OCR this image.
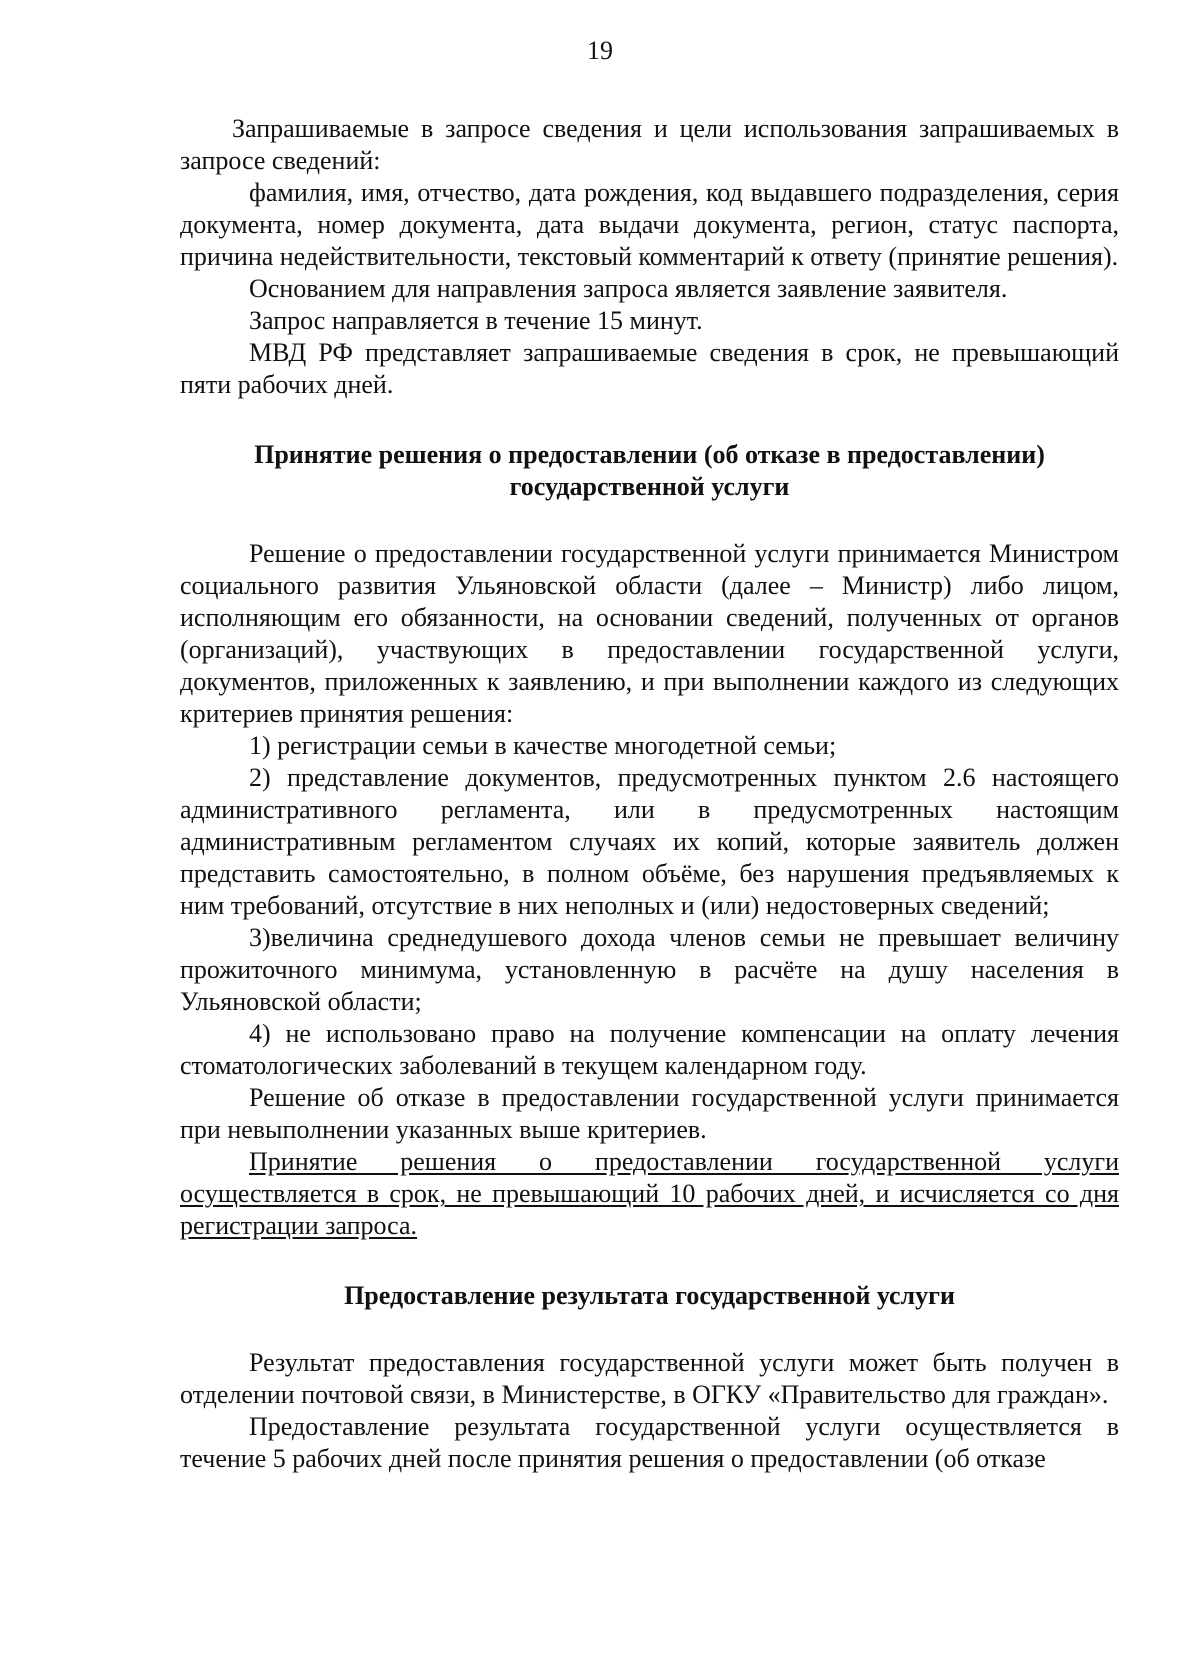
19

Запрашиваемые в запросе сведения и цели использования запрашиваемых в запросе сведений:

фамилия, имя, отчество, дата рождения, код выдавшего подразделения, серия документа, номер документа, дата выдачи документа, регион, статус паспорта, причина недействительности, текстовый комментарий к ответу (принятие решения).

Основанием для направления запроса является заявление заявителя.

Запрос направляется в течение 15 минут.

МВД РФ представляет запрашиваемые сведения в срок, не превышающий пяти рабочих дней.

Принятие решения о предоставлении (об отказе в предоставлении)
государственной услуги

Решение о предоставлении государственной услуги принимается Министром социального развития Ульяновской области (далее – Министр) либо лицом, исполняющим его обязанности, на основании сведений, полученных от органов (организаций), участвующих в предоставлении государственной услуги, документов, приложенных к заявлению, и при выполнении каждого из следующих критериев принятия решения:

1) регистрации семьи в качестве многодетной семьи;

2) представление документов, предусмотренных пунктом 2.6 настоящего административного регламента, или в предусмотренных настоящим административным регламентом случаях их копий, которые заявитель должен представить самостоятельно, в полном объёме, без нарушения предъявляемых к ним требований, отсутствие в них неполных и (или) недостоверных сведений;

3)величина среднедушевого дохода членов семьи не превышает величину прожиточного минимума, установленную в расчёте на душу населения в Ульяновской области;

4) не использовано право на получение компенсации на оплату лечения стоматологических заболеваний в текущем календарном году.

Решение об отказе в предоставлении государственной услуги принимается при невыполнении указанных выше критериев.

Принятие решения о предоставлении государственной услуги осуществляется в срок, не превышающий 10 рабочих дней, и исчисляется со дня регистрации запроса.

Предоставление результата государственной услуги

Результат предоставления государственной услуги может быть получен в отделении почтовой связи, в Министерстве, в ОГКУ «Правительство для граждан».

Предоставление результата государственной услуги осуществляется в течение 5 рабочих дней после принятия решения о предоставлении (об отказе
